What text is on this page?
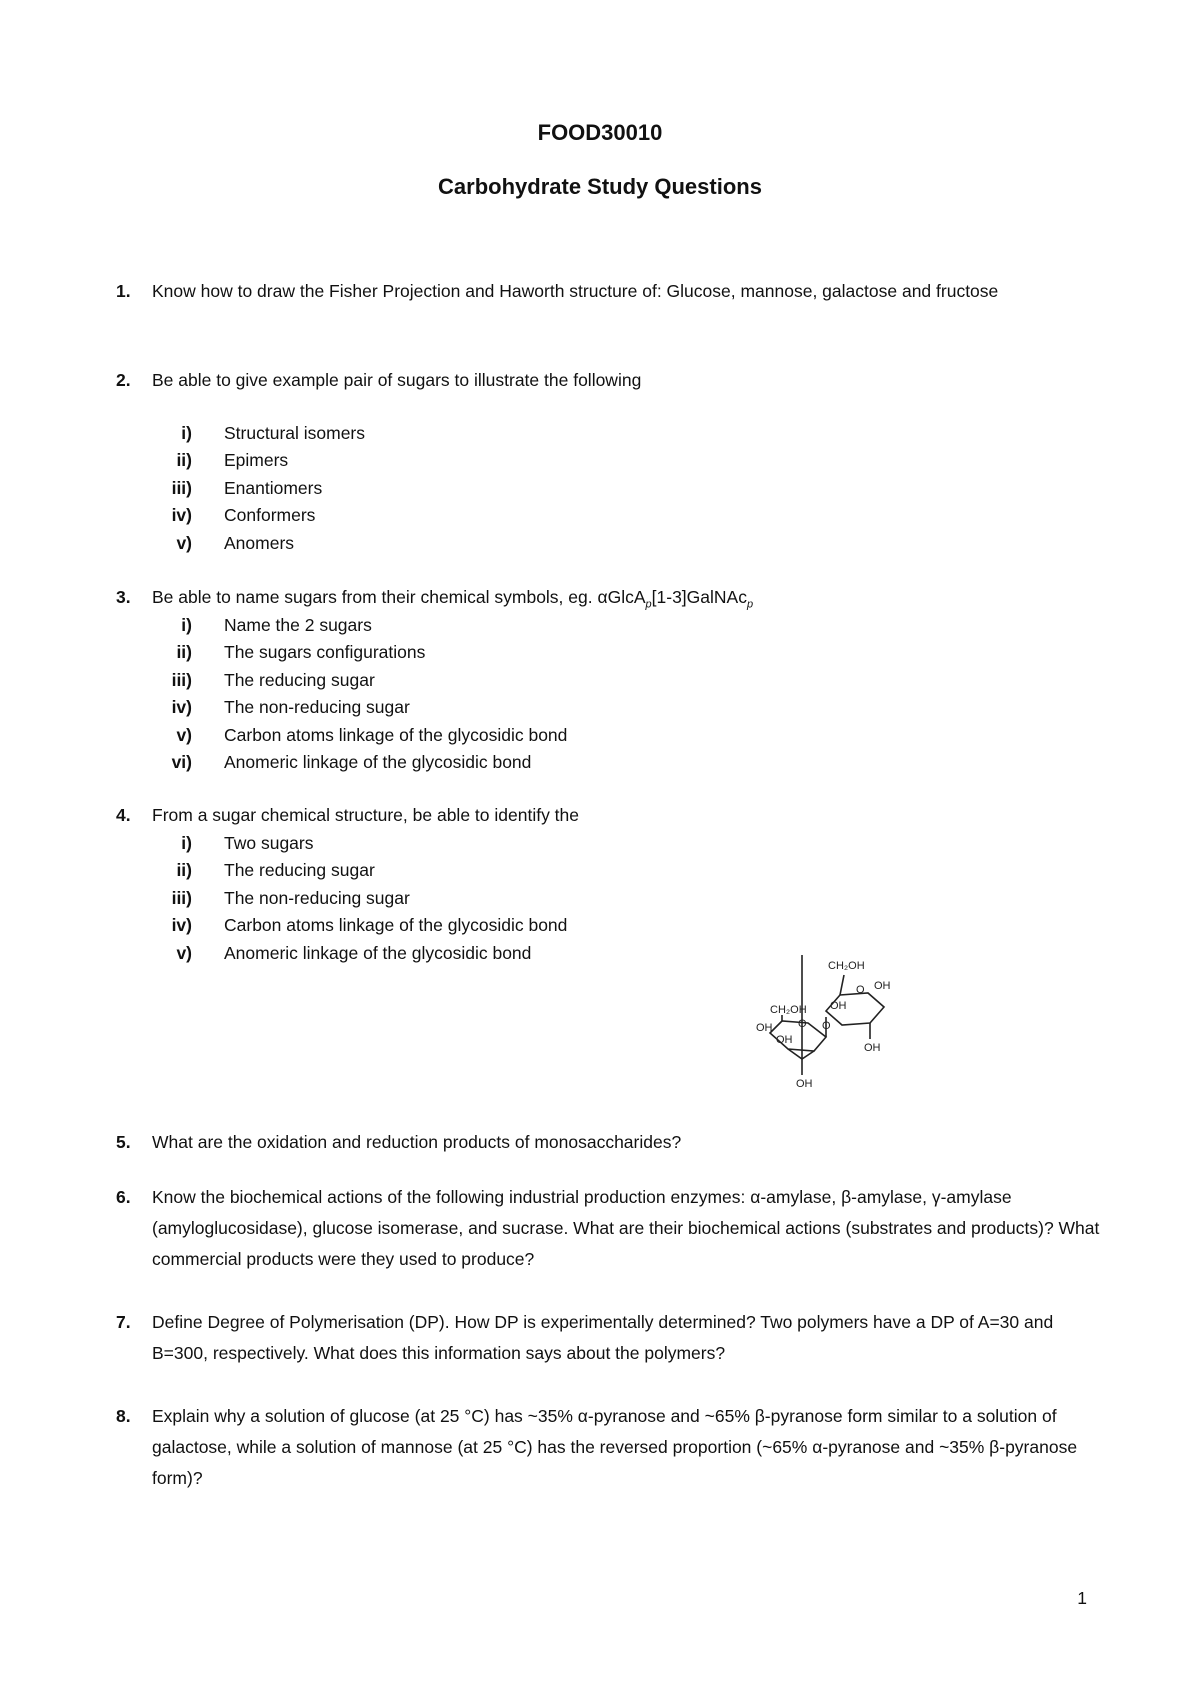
FOOD30010
Carbohydrate Study Questions
1.	Know how to draw the Fisher Projection and Haworth structure of: Glucose, mannose, galactose and fructose
2.	Be able to give example pair of sugars to illustrate the following
i) Structural isomers
ii) Epimers
iii) Enantiomers
iv) Conformers
v) Anomers
3.	Be able to name sugars from their chemical symbols, eg. αGlcA$_p$[1-3]GalNAc$_p$
i) Name the 2 sugars
ii) The sugars configurations
iii) The reducing sugar
iv) The non-reducing sugar
v) Carbon atoms linkage of the glycosidic bond
vi) Anomeric linkage of the glycosidic bond
4.	From a sugar chemical structure, be able to identify the
i) Two sugars
ii) The reducing sugar
iii) The non-reducing sugar
iv) Carbon atoms linkage of the glycosidic bond
v) Anomeric linkage of the glycosidic bond
CH₂OH
CH₂OH
OH
OH
OH
OH
OH
OH
O
O O
5.	What are the oxidation and reduction products of monosaccharides?
6.	Know the biochemical actions of the following industrial production enzymes: α-amylase, β-amylase, γ-amylase (amyloglucosidase), glucose isomerase, and sucrase. What are their biochemical actions (substrates and products)? What commercial products were they used to produce?
7.	Define Degree of Polymerisation (DP). How DP is experimentally determined? Two polymers have a DP of A=30 and B=300, respectively. What does this information says about the polymers?
8.	Explain why a solution of glucose (at 25 °C) has ~35% α-pyranose and ~65% β-pyranose form similar to a solution of galactose, while a solution of mannose (at 25 °C) has the reversed proportion (~65% α-pyranose and ~35% β-pyranose form)?
1
